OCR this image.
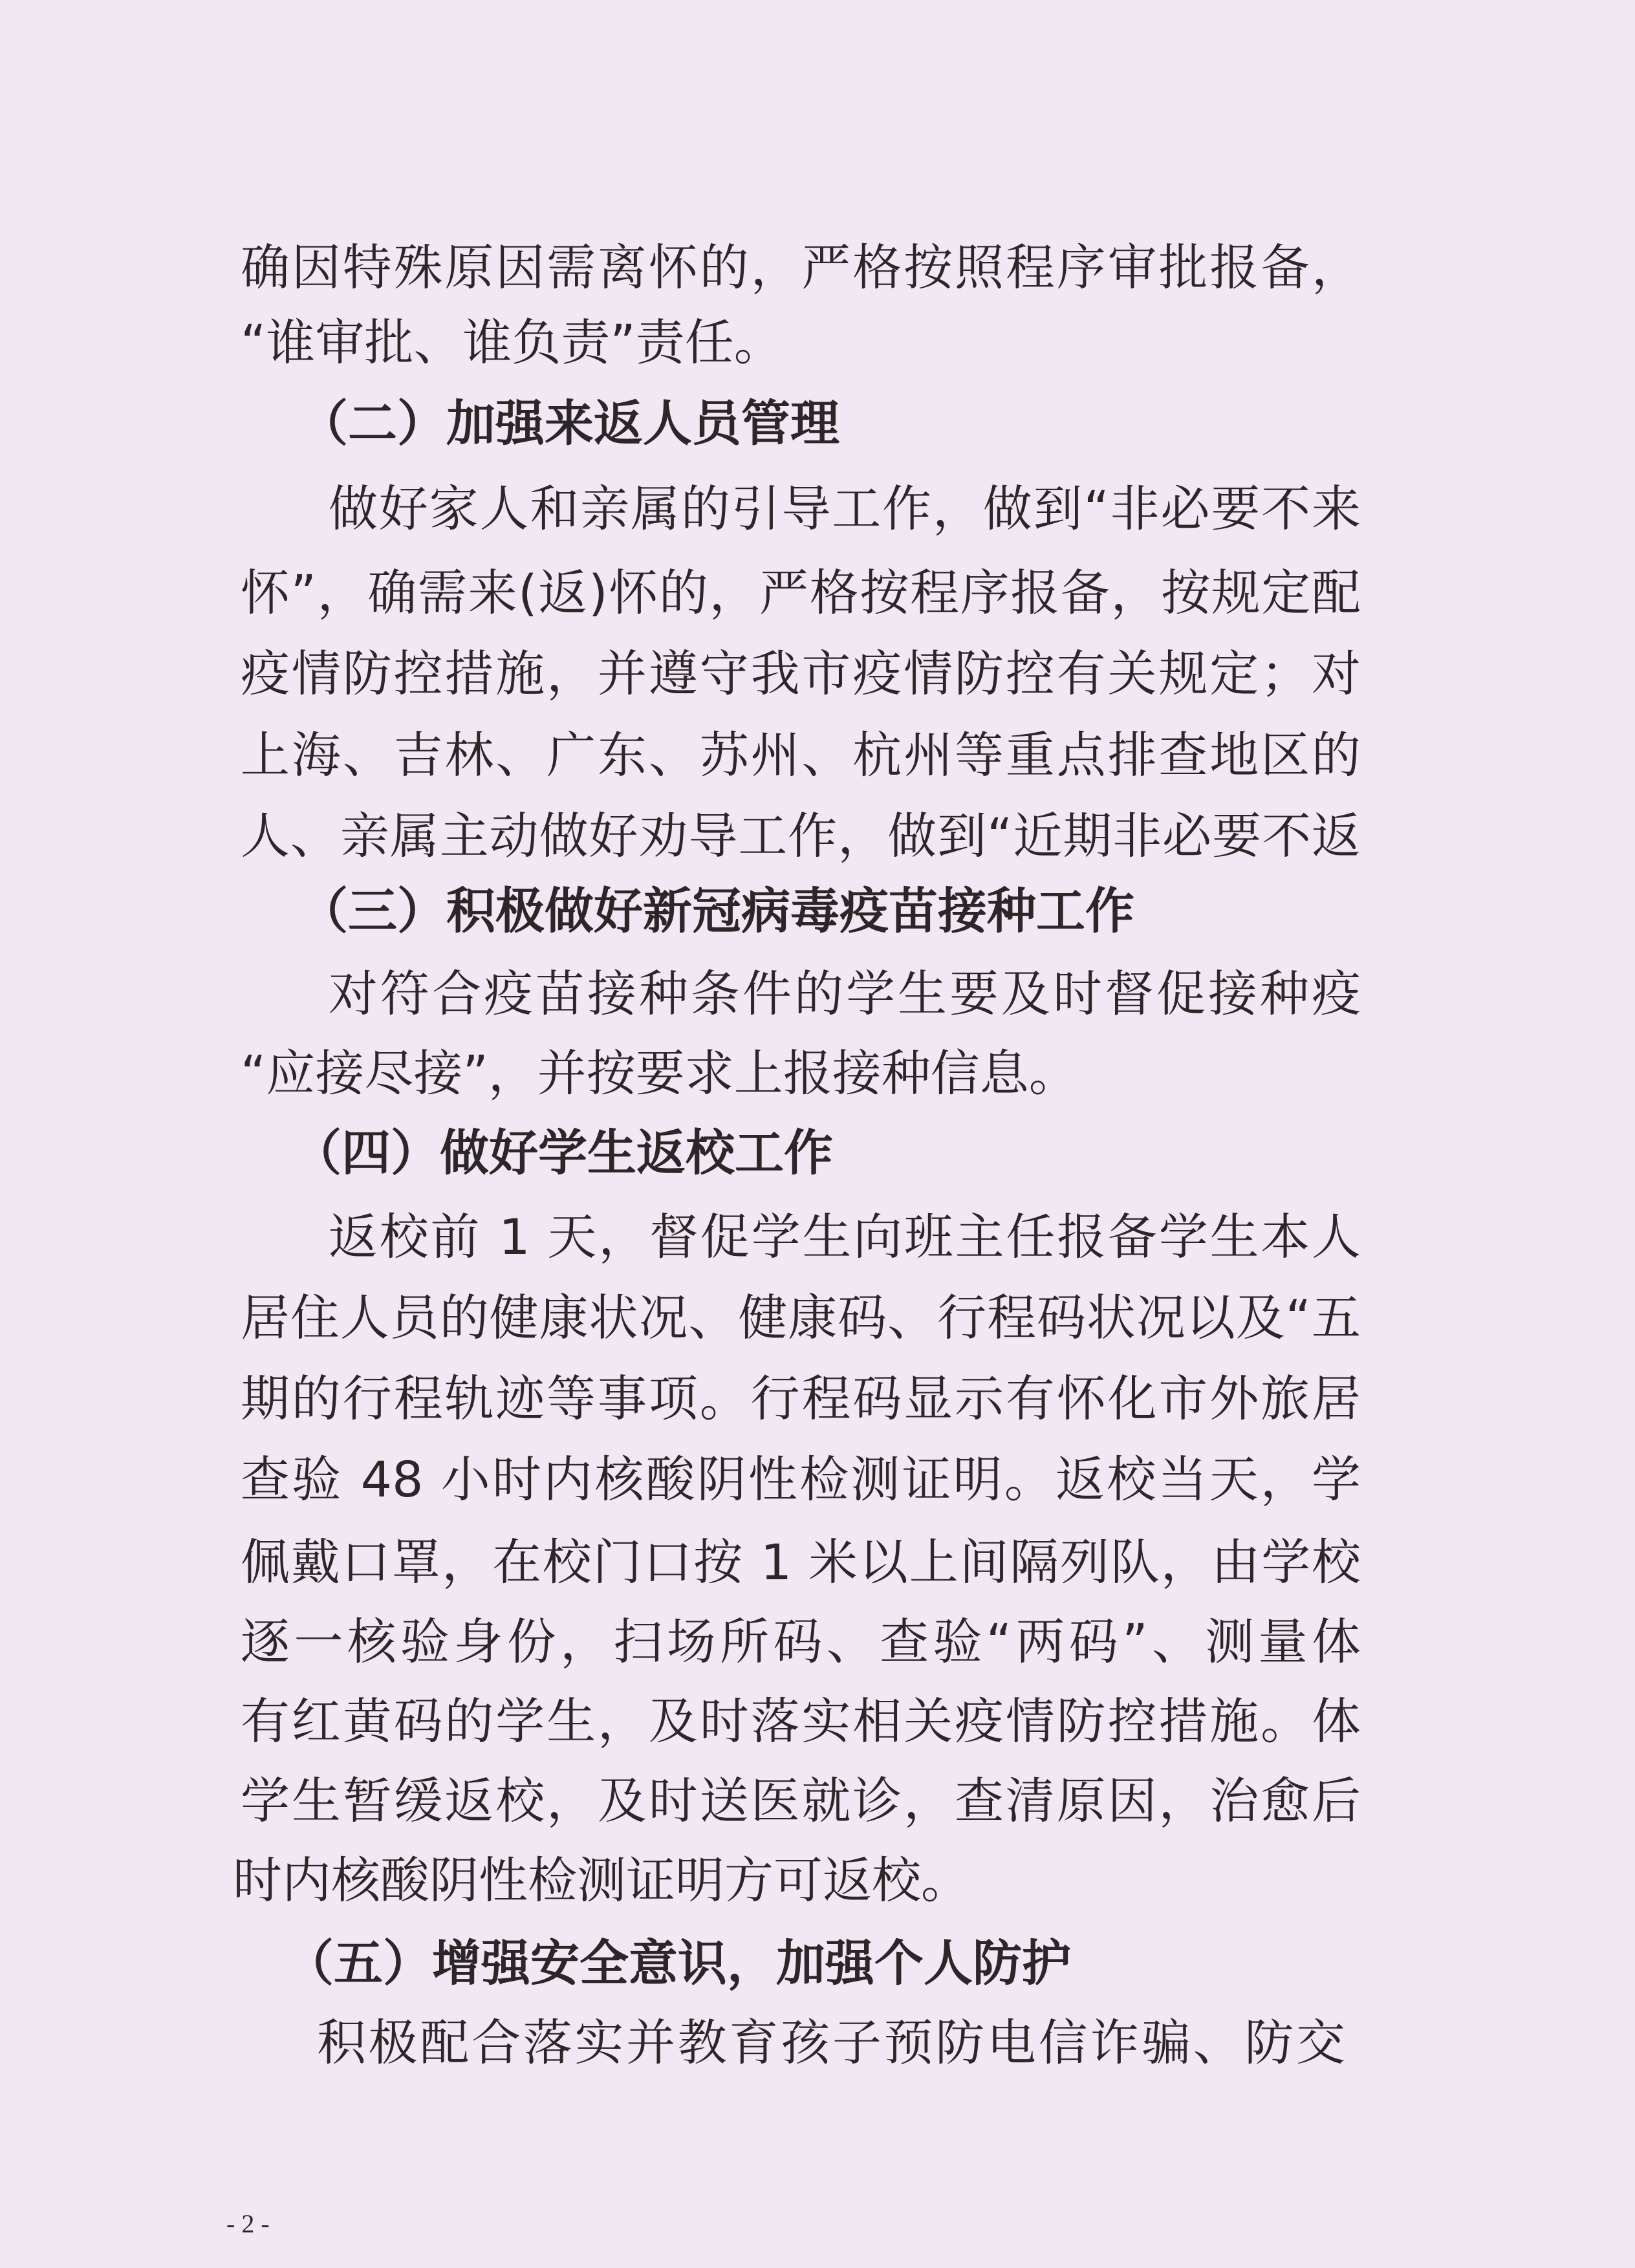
确因特殊原因需离怀的，严格按照程序审批报备，
“谁审批、谁负责”责任。
（二）加强来返人员管理
做好家人和亲属的引导工作，做到“非必要不来
怀”，确需来(返)怀的，严格按程序报备，按规定配
疫情防控措施，并遵守我市疫情防控有关规定；对
上海、吉林、广东、苏州、杭州等重点排查地区的
人、亲属主动做好劝导工作，做到“近期非必要不返
（三）积极做好新冠病毒疫苗接种工作
对符合疫苗接种条件的学生要及时督促接种疫
“应接尽接”，并按要求上报接种信息。
（四）做好学生返校工作
返校前 1 天，督促学生向班主任报备学生本人
居住人员的健康状况、健康码、行程码状况以及“五
期的行程轨迹等事项。行程码显示有怀化市外旅居
查验 48 小时内核酸阴性检测证明。返校当天，学
佩戴口罩，在校门口按 1 米以上间隔列队，由学校
逐一核验身份，扫场所码、查验“两码”、测量体
有红黄码的学生，及时落实相关疫情防控措施。体
学生暂缓返校，及时送医就诊，查清原因，治愈后
时内核酸阴性检测证明方可返校。
（五）增强安全意识，加强个人防护
积极配合落实并教育孩子预防电信诈骗、防交
- 2 -
